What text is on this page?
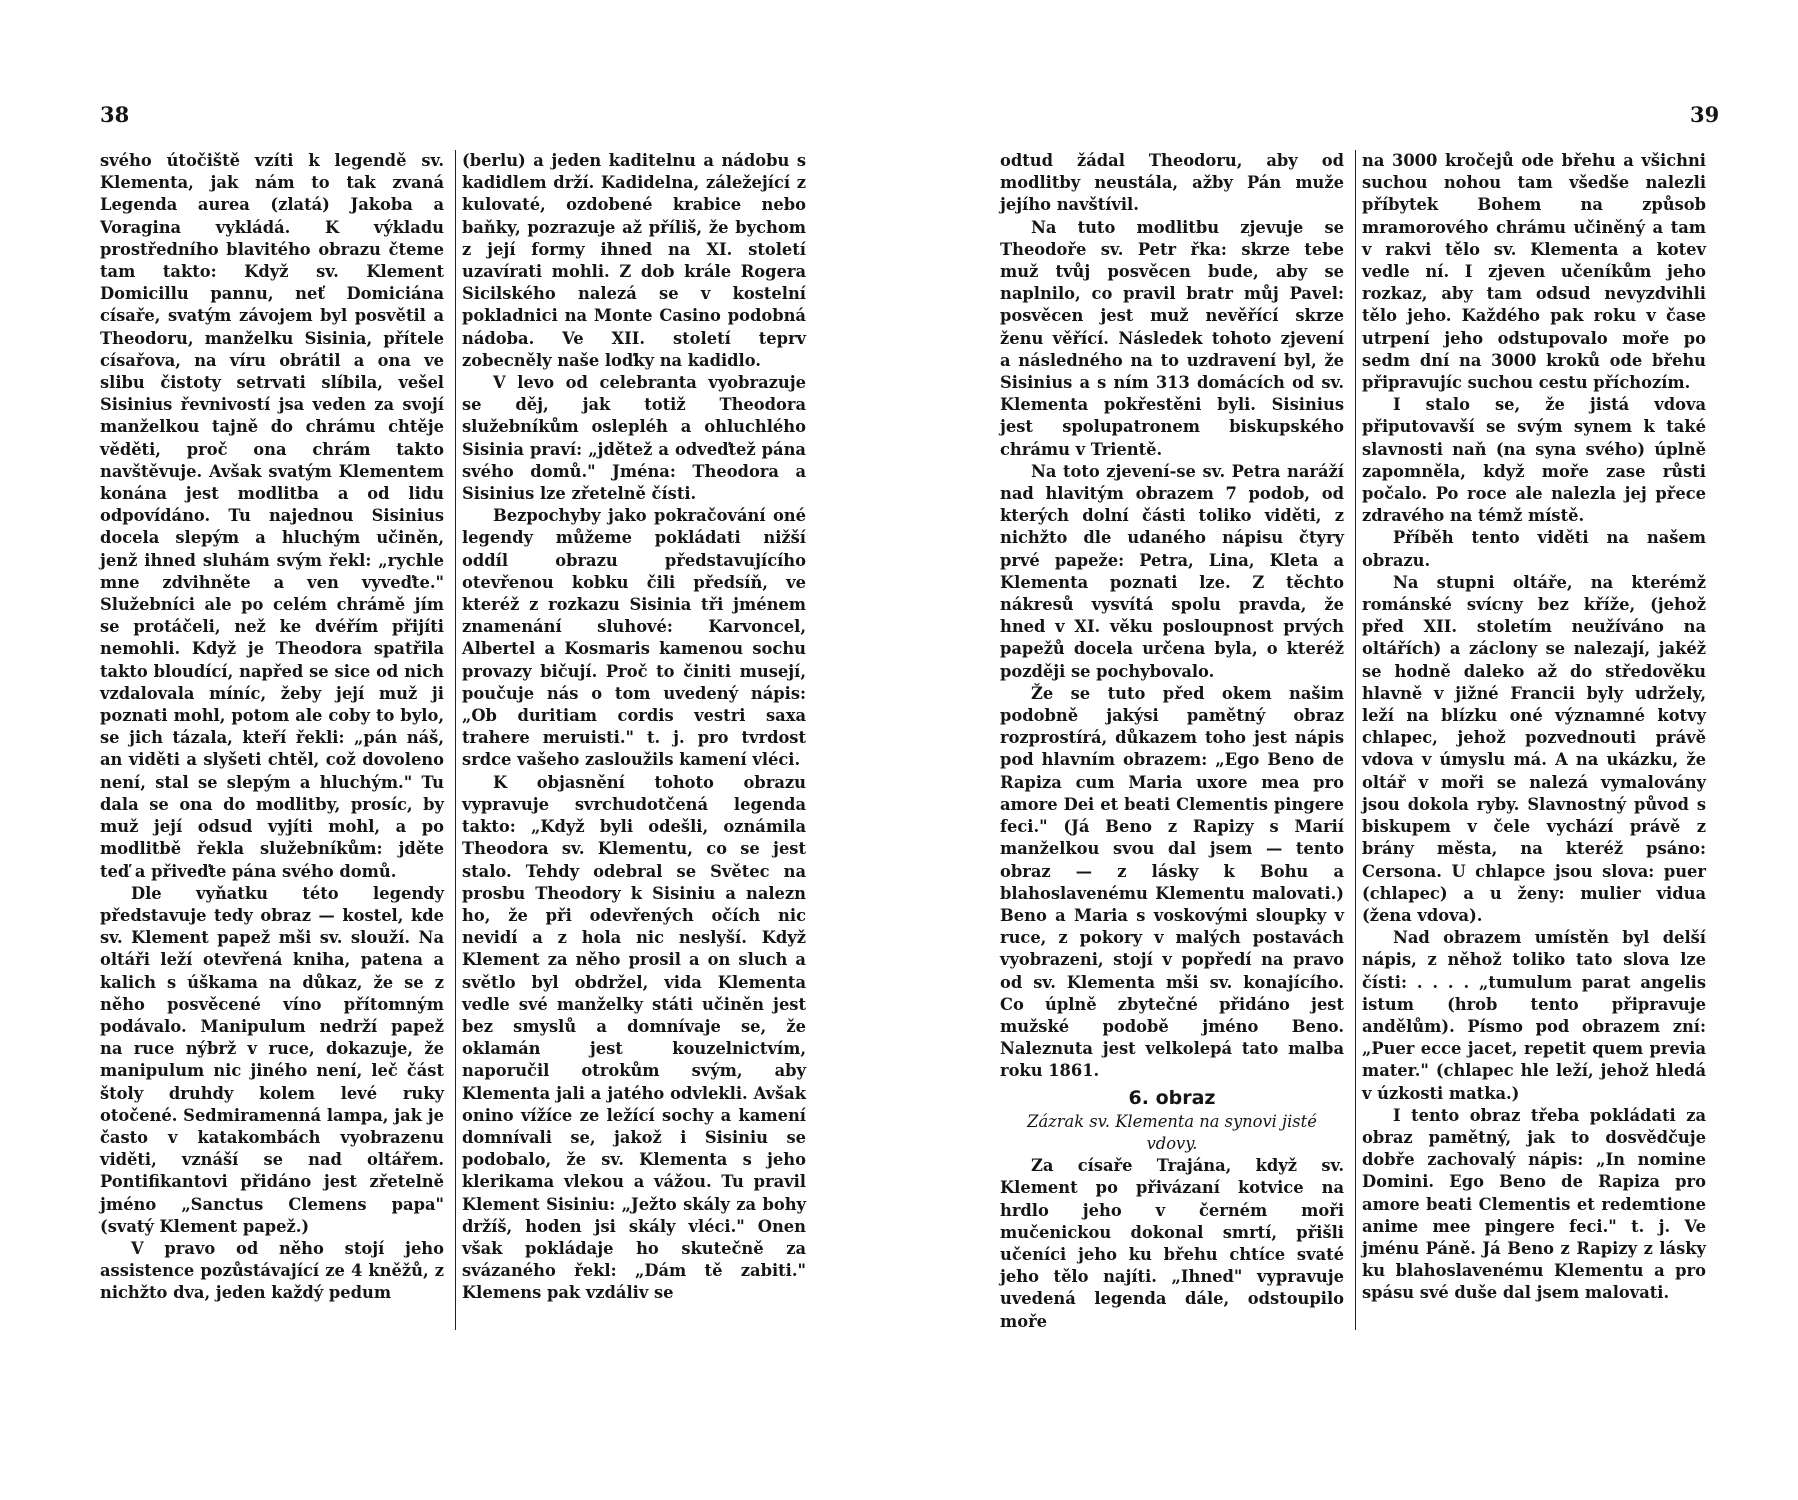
38	39

svého útočiště vzíti k legendě sv. Klementa, jak nám to tak zvaná Legenda aurea (zlatá) Jakoba a Voragina vykládá. K výkladu prostředního blavitého obrazu čteme tam takto: Když sv. Klement Domicillu pannu, neť Domiciána císaře, svatým závojem byl posvětil a Theodoru, manželku Sisinia, přítele císařova, na víru obrátil a ona ve slibu čistoty setrvati slíbila, vešel Sisinius řevnivostí jsa veden za svojí manželkou tajně do chrámu chtěje věděti, proč ona chrám takto navštěvuje. Avšak svatým Klementem konána jest modlitba a od lidu odpovídáno. Tu najednou Sisinius docela slepým a hluchým učiněn, jenž ihned sluhám svým řekl: „rychle mne zdvihněte a ven vyveďte." Služebníci ale po celém chrámě jím se protáčeli, než ke dvéřím přijíti nemohli. Když je Theodora spatřila takto bloudící, napřed se sice od nich vzdalovala míníc, žeby její muž ji poznati mohl, potom ale coby to bylo, se jich tázala, kteří řekli: „pán náš, an viděti a slyšeti chtěl, což dovoleno není, stal se slepým a hluchým." Tu dala se ona do modlitby, prosíc, by muž její odsud vyjíti mohl, a po modlitbě řekla služebníkům: jděte teď a přiveďte pána svého domů.

Dle vyňatku této legendy představuje tedy obraz — kostel, kde sv. Klement papež mši sv. slouží. Na oltáři leží otevřená kniha, patena a kalich s úškama na důkaz, že se z něho posvěcené víno přítomným podávalo. Manipulum nedrží papež na ruce nýbrž v ruce, dokazuje, že manipulum nic jiného není, leč část štoly druhdy kolem levé ruky otočené. Sedmiramenná lampa, jak je často v katakombách vyobrazenu viděti, vznáší se nad oltářem. Pontifikantovi přidáno jest zřetelně jméno „Sanctus Clemens papa" (svatý Klement papež.)

V pravo od něho stojí jeho assistence pozůstávající ze 4 kněžů, z nichžto dva, jeden každý pedum

(berlu) a jeden kaditelnu a nádobu s kadidlem drží. Kadidelna, záležející z kulovaté, ozdobené krabice nebo baňky, pozrazuje až příliš, že bychom z její formy ihned na XI. století uzavírati mohli. Z dob krále Rogera Sicilského nalezá se v kostelní pokladnici na Monte Casino podobná nádoba. Ve XII. století teprv zobecněly naše loďky na kadidlo.

V levo od celebranta vyobrazuje se děj, jak totiž Theodora služebníkům oslepléh a ohluchlého Sisinia praví: „jdětež a odveďtež pána svého domů." Jména: Theodora a Sisinius lze zřetelně čísti.

Bezpochyby jako pokračování oné legendy můžeme pokládati nižší oddíl obrazu představujícího otevřenou kobku čili předsíň, ve kteréž z rozkazu Sisinia tři jménem znamenání sluhové: Karvoncel, Albertel a Kosmaris kamenou sochu provazy bičují. Proč to činiti musejí, poučuje nás o tom uvedený nápis: „Ob duritiam cordis vestri saxa trahere meruisti." t. j. pro tvrdost srdce vašeho zasloužils kamení vléci.

K objasnění tohoto obrazu vypravuje svrchudotčená legenda takto: „Když byli odešli, oznámila Theodora sv. Klementu, co se jest stalo. Tehdy odebral se Světec na prosbu Theodory k Sisiniu a nalezn ho, že při odevřených očích nic nevidí a z hola nic neslyší. Když Klement za něho prosil a on sluch a světlo byl obdržel, vida Klementa vedle své manželky státi učiněn jest bez smyslů a domnívaje se, že oklamán jest kouzelnictvím, naporučil otrokům svým, aby Klementa jali a jatého odvlekli. Avšak onino vížíce ze ležící sochy a kamení domnívali se, jakož i Sisiniu se podobalo, že sv. Klementa s jeho klerikama vlekou a vážou. Tu pravil Klement Sisiniu: „Ježto skály za bohy držíš, hoden jsi skály vléci." Onen však pokládaje ho skutečně za svázaného řekl: „Dám tě zabiti." Klemens pak vzdáliv se

odtud žádal Theodoru, aby od modlitby neustála, ažby Pán muže jejího navštívil.

Na tuto modlitbu zjevuje se Theodoře sv. Petr řka: skrze tebe muž tvůj posvěcen bude, aby se naplnilo, co pravil bratr můj Pavel: posvěcen jest muž nevěřící skrze ženu věřící. Následek tohoto zjevení a následného na to uzdravení byl, že Sisinius a s ním 313 domácích od sv. Klementa pokřestěni byli. Sisinius jest spolupatronem biskupského chrámu v Trientě.

Na toto zjevení-se sv. Petra naráží nad hlavitým obrazem 7 podob, od kterých dolní části toliko viděti, z nichžto dle udaného nápisu čtyry prvé papeže: Petra, Lina, Kleta a Klementa poznati lze. Z těchto nákresů vysvítá spolu pravda, že hned v XI. věku posloupnost prvých papežů docela určena byla, o kteréž později se pochybovalo.

Že se tuto před okem našim podobně jakýsi pamětný obraz rozprostírá, důkazem toho jest nápis pod hlavním obrazem: „Ego Beno de Rapiza cum Maria uxore mea pro amore Dei et beati Clementis pingere feci." (Já Beno z Rapizy s Marií manželkou svou dal jsem — tento obraz — z lásky k Bohu a blahoslavenému Klementu malovati.) Beno a Maria s voskovými sloupky v ruce, z pokory v malých postavách vyobrazeni, stojí v popředí na pravo od sv. Klementa mši sv. konajícího. Co úplně zbytečné přidáno jest mužské podobě jméno Beno. Naleznuta jest velkolepá tato malba roku 1861.

6. obraz

Zázrak sv. Klementa na synovi jisté vdovy.

Za císaře Trajána, když sv. Klement po přivázaní kotvice na hrdlo jeho v černém moři mučenickou dokonal smrtí, přišli učeníci jeho ku břehu chtíce svaté jeho tělo najíti. „Ihned" vypravuje uvedená legenda dále, odstoupilo moře

na 3000 kročejů ode břehu a všichni suchou nohou tam všedše nalezli příbytek Bohem na způsob mramorového chrámu učiněný a tam v rakvi tělo sv. Klementa a kotev vedle ní. I zjeven učeníkům jeho rozkaz, aby tam odsud nevyzdvihli tělo jeho. Každého pak roku v čase utrpení jeho odstupovalo moře po sedm dní na 3000 kroků ode břehu připravujíc suchou cestu příchozím.

I stalo se, že jistá vdova připutovavší se svým synem k také slavnosti naň (na syna svého) úplně zapomněla, když moře zase růsti počalo. Po roce ale nalezla jej přece zdravého na témž místě.

Příběh tento viděti na našem obrazu.

Na stupni oltáře, na kterémž románské svícny bez kříže, (jehož před XII. stoletím neužíváno na oltářích) a záclony se nalezají, jakéž se hodně daleko až do středověku hlavně v jižné Francii byly udržely, leží na blízku oné významné kotvy chlapec, jehož pozvednouti právě vdova v úmyslu má. A na ukázku, že oltář v moři se nalezá vymalovány jsou dokola ryby. Slavnostný původ s biskupem v čele vychází právě z brány města, na kteréž psáno: Cersona. U chlapce jsou slova: puer (chlapec) a u ženy: mulier vidua (žena vdova).

Nad obrazem umístěn byl delší nápis, z něhož toliko tato slova lze čísti: . . . . „tumulum parat angelis istum (hrob tento připravuje andělům). Písmo pod obrazem zní: „Puer ecce jacet, repetit quem previa mater." (chlapec hle leží, jehož hledá v úzkosti matka.)

I tento obraz třeba pokládati za obraz pamětný, jak to dosvědčuje dobře zachovalý nápis: „In nomine Domini. Ego Beno de Rapiza pro amore beati Clementis et redemtione anime mee pingere feci." t. j. Ve jménu Páně. Já Beno z Rapizy z lásky ku blahoslavenému Klementu a pro spásu své duše dal jsem malovati.
